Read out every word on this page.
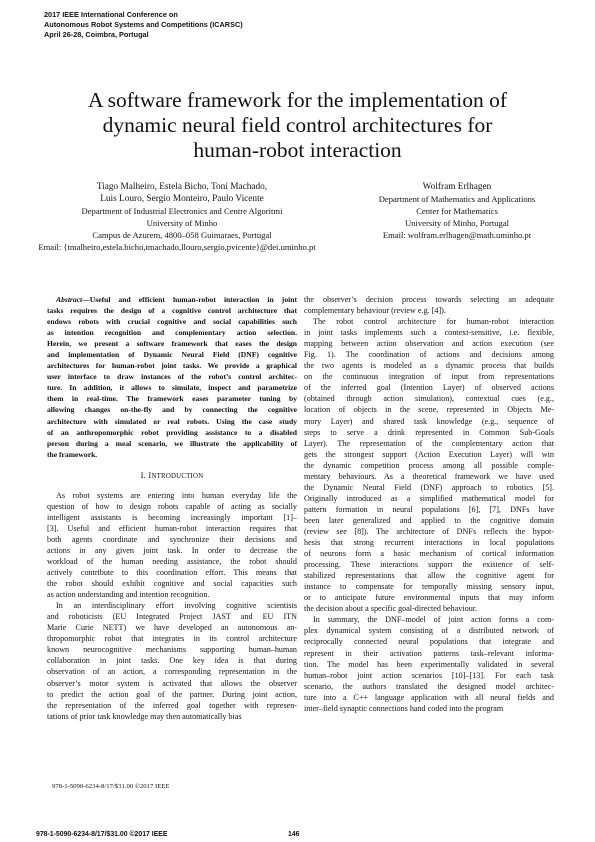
2017 IEEE International Conference on
Autonomous Robot Systems and Competitions (ICARSC)
April 26-28, Coimbra, Portugal
A software framework for the implementation of
dynamic neural field control architectures for
human-robot interaction
Tiago Malheiro, Estela Bicho, Toni Machado,
Luis Louro, Sergio Monteiro, Paulo Vicente
Department of Industrial Electronics and Centre Algoritmi
University of Minho
Campus de Azurem, 4800–058 Guimaraes, Portugal
Email: {tmalheiro,estela.bicho,tmachado,llouro,sergio,pvicente}@dei.uminho.pt
Wolfram Erlhagen
Department of Mathematics and Applications
Center for Mathematics
University of Minho, Portugal
Email: wolfram.erlhagen@math.uminho.pt
Abstract—Useful and efficient human-robot interaction in joint
tasks requires the design of a cognitive control architecture that
endows robots with crucial cognitive and social capabilities such
as intention recognition and complementary action selection.
Herein, we present a software framework that eases the design
and implementation of Dynamic Neural Field (DNF) cognitive
architectures for human-robot joint tasks. We provide a graphical
user interface to draw instances of the robot’s control architec-
ture. In addition, it allows to simulate, inspect and parametrize
them in real-time. The framework eases parameter tuning by
allowing changes on-the-fly and by connecting the cognitive
architecture with simulated or real robots. Using the case study
of an anthropomorphic robot providing assistance to a disabled
person during a meal scenario, we illustrate the applicability of
the framework.
I. INTRODUCTION
As robot systems are entering into human everyday life the
question of how to design robots capable of acting as socially
intelligent assistants is becoming increasingly important [1]–
[3]. Useful and efficient human-robot interaction requires that
both agents coordinate and synchronize their decisions and
actions in any given joint task. In order to decrease the
workload of the human needing assistance, the robot should
actively contribute to this coordination effort. This means that
the robot should exhibit cognitive and social capacities such
as action understanding and intention recognition.
In an interdisciplinary effort involving cognitive scientists
and roboticists (EU Integrated Project JAST and EU ITN
Marie Curie NETT) we have developed an autonomous an-
thropomorphic robot that integrates in its control architecture
known neurocognitive mechanisms supporting human–human
collaboration in joint tasks. One key idea is that during
observation of an action, a corresponding representation in the
observer’s motor system is activated that allows the observer
to predict the action goal of the partner. During joint action,
the representation of the inferred goal together with represen-
tations of prior task knowledge may then automatically bias
978-1-5090-6234-8/17/$31.00 ©2017 IEEE
the observer’s decision process towards selecting an adequate
complementary behaviour (review e.g. [4]).
The robot control architecture for human-robot interaction
in joint tasks implements such a context-sensitive, i.e. flexible,
mapping between action observation and action execution (see
Fig. 1). The coordination of actions and decisions among
the two agents is modeled as a dynamic process that builds
on the continuous integration of input from representations
of the inferred goal (Intention Layer) of observed actions
(obtained through action simulation), contextual cues (e.g.,
location of objects in the scene, represented in Objects Me-
mory Layer) and shared task knowledge (e.g., sequence of
steps to serve a drink represented in Common Sub-Goals
Layer). The representation of the complementary action that
gets the strongest support (Action Execution Layer) will win
the dynamic competition process among all possible comple-
mentary behaviours. As a theoretical framework we have used
the Dynamic Neural Field (DNF) approach to robotics [5].
Originally introduced as a simplified mathematical model for
pattern formation in neural populations [6], [7], DNFs have
been later generalized and applied to the cognitive domain
(review see [8]). The architecture of DNFs reflects the hypot-
hesis that strong recurrent interactions in local populations
of neurons form a basic mechanism of cortical information
processing. These interactions support the existence of self-
stabilized representations that allow the cognitive agent for
instance to compensate for temporally missing sensory input,
or to anticipate future environmental inputs that may inform
the decision about a specific goal-directed behaviour.
In summary, the DNF–model of joint action forms a com-
plex dynamical system consisting of a distributed network of
reciprocally connected neural populations that integrate and
represent in their activation patterns task–relevant informa-
tion. The model has been experimentally validated in several
human–robot joint action scenarios [10]–[13]. For each task
scenario, the authors translated the designed model architec-
ture into a C++ language application with all neural fields and
inter–field synaptic connections hand coded into the program
978-1-5090-6234-8/17/$31.00 ©2017 IEEE	146
